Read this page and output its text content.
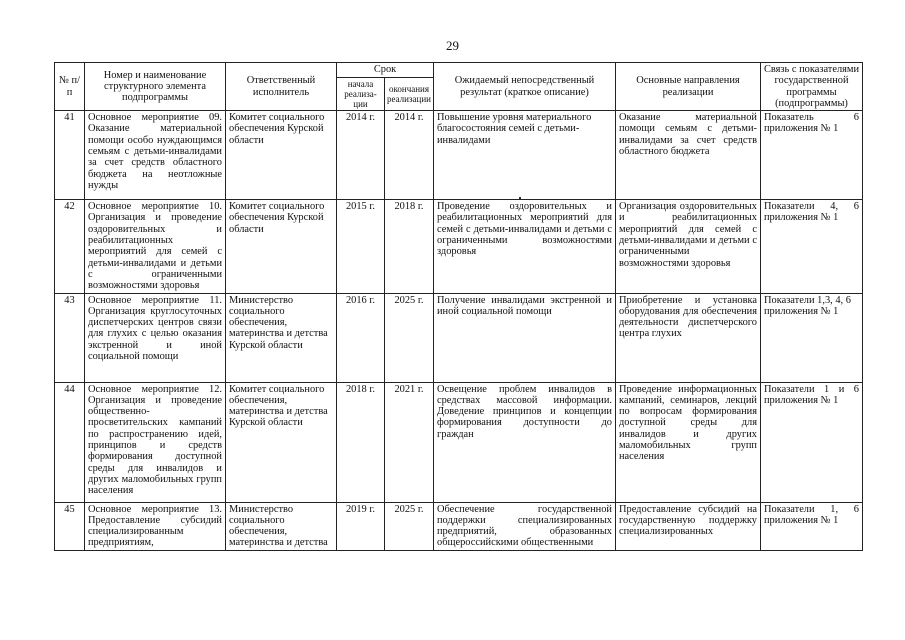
29
№ п/п	Номер и наименование структурного элемента подпрограммы	Ответственный исполнитель	Срок		Ожидаемый непосредственный результат (краткое описание)	Основные направления реализации	Связь с показателями государственной программы (подпрограммы)
			начала реализа-ции	окончания реализации			
41	Основное мероприятие 09. Оказание материальной помощи особо нуждающимся семьям с детьми-инвалидами за счет средств областного бюджета на неотложные нужды	Комитет социального обеспечения Курской области	2014 г.	2014 г.	Повышение уровня материального благосостояния семей с детьми-инвалидами	Оказание материальной помощи семьям с детьми-инвалидами за счет средств областного бюджета	Показатель 6 приложения № 1
42	Основное мероприятие 10. Организация и проведение оздоровительных и реабилитационных мероприятий для семей с детьми-инвалидами и детьми с ограниченными возможностями здоровья	Комитет социального обеспечения Курской области	2015 г.	2018 г.	Проведение оздоровительных и реабилитационных мероприятий для семей с детьми-инвалидами и детьми с ограниченными возможностями здоровья	Организация оздоровительных и реабилитационных мероприятий для семей с детьми-инвалидами и детьми с ограниченными возможностями здоровья	Показатели 4, 6 приложения № 1
43	Основное мероприятие 11. Организация круглосуточных диспетчерских центров связи для глухих с целью оказания экстренной и иной социальной помощи	Министерство социального обеспечения, материнства и детства Курской области	2016 г.	2025 г.	Получение инвалидами экстренной и иной социальной помощи	Приобретение и установка оборудования для обеспечения деятельности диспетчерского центра глухих	Показатели 1,3, 4, 6 приложения № 1
44	Основное мероприятие 12. Организация и проведение общественно-просветительских кампаний по распространению идей, принципов и средств формирования доступной среды для инвалидов и других маломобильных групп населения	Комитет социального обеспечения, материнства и детства Курской области	2018 г.	2021 г.	Освещение проблем инвалидов в средствах массовой информации. Доведение принципов и концепции формирования доступности до граждан	Проведение информационных кампаний, семинаров, лекций по вопросам формирования доступной среды для инвалидов и других маломобильных групп населения	Показатели 1 и 6 приложения № 1
45	Основное мероприятие 13. Предоставление субсидий специализированным предприятиям,	Министерство социального обеспечения, материнства и детства	2019 г.	2025 г.	Обеспечение государственной поддержки специализированных предприятий, образованных общероссийскими общественными	Предоставление субсидий на государственную поддержку специализированных	Показатели 1, 6 приложения № 1
